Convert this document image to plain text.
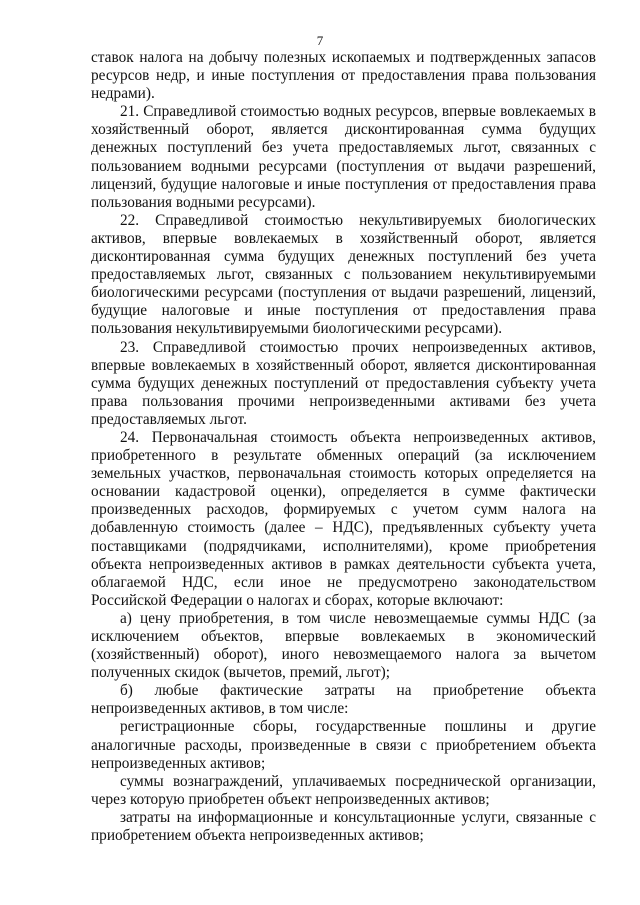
7

ставок налога на добычу полезных ископаемых и подтвержденных запасов ресурсов недр, и иные поступления от предоставления права пользования недрами).

21. Справедливой стоимостью водных ресурсов, впервые вовлекаемых в хозяйственный оборот, является дисконтированная сумма будущих денежных поступлений без учета предоставляемых льгот, связанных с пользованием водными ресурсами (поступления от выдачи разрешений, лицензий, будущие налоговые и иные поступления от предоставления права пользования водными ресурсами).

22. Справедливой стоимостью некультивируемых биологических активов, впервые вовлекаемых в хозяйственный оборот, является дисконтированная сумма будущих денежных поступлений без учета предоставляемых льгот, связанных с пользованием некультивируемыми биологическими ресурсами (поступления от выдачи разрешений, лицензий, будущие налоговые и иные поступления от предоставления права пользования некультивируемыми биологическими ресурсами).

23. Справедливой стоимостью прочих непроизведенных активов, впервые вовлекаемых в хозяйственный оборот, является дисконтированная сумма будущих денежных поступлений от предоставления субъекту учета права пользования прочими непроизведенными активами без учета предоставляемых льгот.

24. Первоначальная стоимость объекта непроизведенных активов, приобретенного в результате обменных операций (за исключением земельных участков, первоначальная стоимость которых определяется на основании кадастровой оценки), определяется в сумме фактически произведенных расходов, формируемых с учетом сумм налога на добавленную стоимость (далее – НДС), предъявленных субъекту учета поставщиками (подрядчиками, исполнителями), кроме приобретения объекта непроизведенных активов в рамках деятельности субъекта учета, облагаемой НДС, если иное не предусмотрено законодательством Российской Федерации о налогах и сборах, которые включают:

а) цену приобретения, в том числе невозмещаемые суммы НДС (за исключением объектов, впервые вовлекаемых в экономический (хозяйственный) оборот), иного невозмещаемого налога за вычетом полученных скидок (вычетов, премий, льгот);

б) любые фактические затраты на приобретение объекта непроизведенных активов, в том числе:

регистрационные сборы, государственные пошлины и другие аналогичные расходы, произведенные в связи с приобретением объекта непроизведенных активов;

суммы вознаграждений, уплачиваемых посреднической организации, через которую приобретен объект непроизведенных активов;

затраты на информационные и консультационные услуги, связанные с приобретением объекта непроизведенных активов;
